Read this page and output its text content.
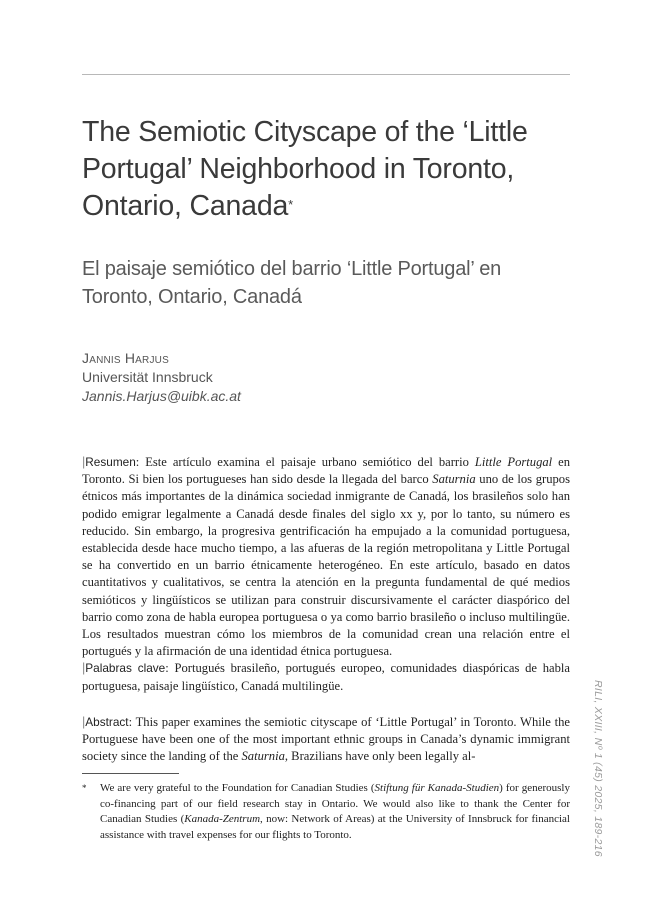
The Semiotic Cityscape of the ‘Little Portugal’ Neighborhood in Toronto, Ontario, Canada*
El paisaje semiótico del barrio ‘Little Portugal’ en Toronto, Ontario, Canadá
Jannis Harjus
Universität Innsbruck
Jannis.Harjus@uibk.ac.at

|Resumen: Este artículo examina el paisaje urbano semiótico del barrio Little Portugal en Toronto. Si bien los portugueses han sido desde la llegada del barco Saturnia uno de los grupos étnicos más importantes de la dinámica sociedad inmigrante de Canadá, los brasileños solo han podido emigrar legalmente a Canadá desde finales del siglo xx y, por lo tanto, su número es reducido. Sin embargo, la progresiva gentrificación ha empujado a la comunidad portuguesa, establecida desde hace mucho tiempo, a las afueras de la región metropolitana y Little Portugal se ha convertido en un barrio étnicamente heterogéneo. En este artículo, basado en datos cuantitativos y cualitativos, se centra la atención en la pregunta fundamental de qué medios semióticos y lingüísticos se utilizan para construir discursivamente el carácter diaspórico del barrio como zona de habla europea portuguesa o ya como barrio brasileño o incluso multilingüe. Los resultados muestran cómo los miembros de la comunidad crean una relación entre el portugués y la afirmación de una identidad étnica portuguesa.

|Palabras clave: Portugués brasileño, portugués europeo, comunidades diaspóricas de habla portuguesa, paisaje lingüístico, Canadá multilingüe.

|Abstract: This paper examines the semiotic cityscape of ‘Little Portugal’ in Toronto. While the Portuguese have been one of the most important ethnic groups in Canada’s dynamic immigrant society since the landing of the Saturnia, Brazilians have only been legally al-

* We are very grateful to the Foundation for Canadian Studies (Stiftung für Kanada-Studien) for generously co-financing part of our field research stay in Ontario. We would also like to thank the Center for Canadian Studies (Kanada-Zentrum, now: Network of Areas) at the University of Innsbruck for financial assistance with travel expenses for our flights to Toronto.	RILI, XXIII, Nº 1 (45) 2025, 189-216
